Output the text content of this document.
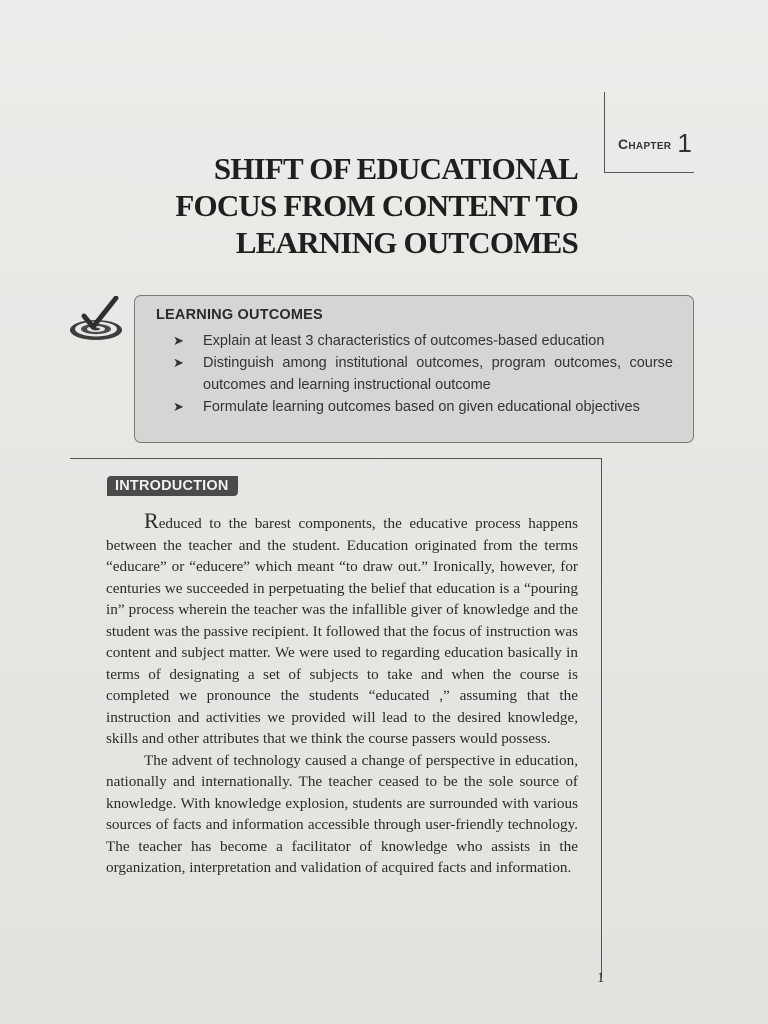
Chapter 1
SHIFT OF EDUCATIONAL
FOCUS FROM CONTENT TO
LEARNING OUTCOMES
LEARNING OUTCOMES
➤ Explain at least 3 characteristics of outcomes-based education
➤ Distinguish among institutional outcomes, program outcomes, course outcomes and learning instructional outcome
➤ Formulate learning outcomes based on given educational objectives
INTRODUCTION

Reduced to the barest components, the educative process happens between the teacher and the student. Education originated from the terms “educare” or “educere” which meant “to draw out.” Ironically, however, for centuries we succeeded in perpetuating the belief that education is a “pouring in” process wherein the teacher was the infallible giver of knowledge and the student was the passive recipient. It followed that the focus of instruction was content and subject matter. We were used to regarding education basically in terms of designating a set of subjects to take and when the course is completed we pronounce the students “educated ,” assuming that the instruction and activities we provided will lead to the desired knowledge, skills and other attributes that we think the course passers would possess.

The advent of technology caused a change of perspective in education, nationally and internationally. The teacher ceased to be the sole source of knowledge. With knowledge explosion, students are surrounded with various sources of facts and information accessible through user-friendly technology. The teacher has become a facilitator of knowledge who assists in the organization, interpretation and validation of acquired facts and information.

1
